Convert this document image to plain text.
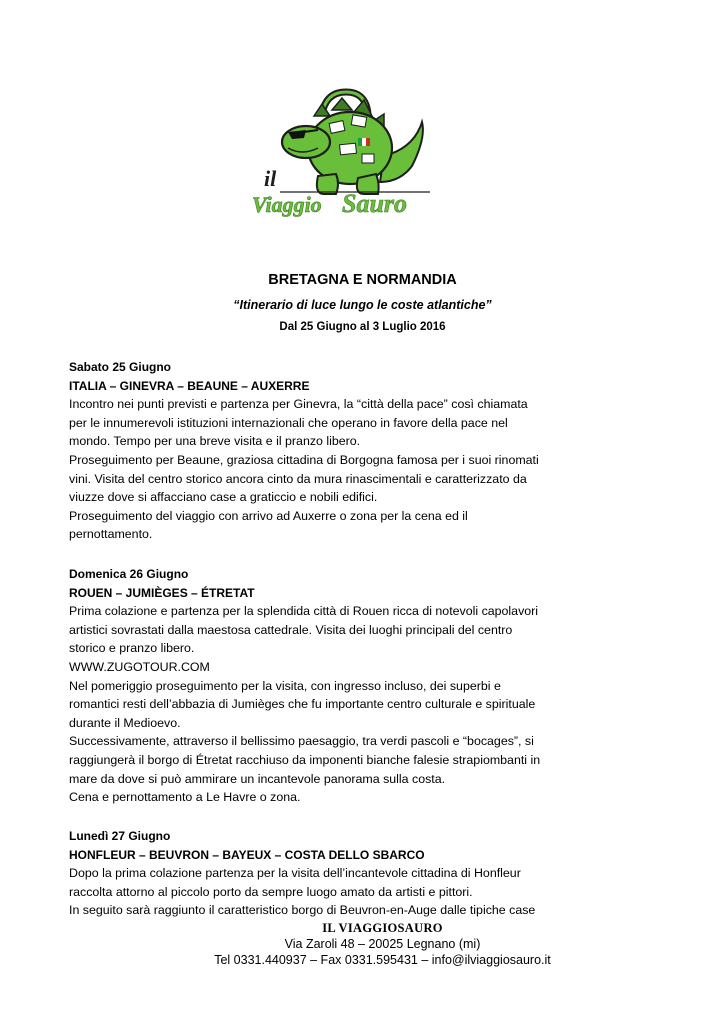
il
Viaggio Sauro
BRETAGNA E NORMANDIA
“Itinerario di luce lungo le coste atlantiche”
Dal 25 Giugno al 3 Luglio 2016
Sabato 25 Giugno
ITALIA – GINEVRA – BEAUNE – AUXERRE
Incontro nei punti previsti e partenza per Ginevra, la “città della pace” così chiamata
per le innumerevoli istituzioni internazionali che operano in favore della pace nel
mondo. Tempo per una breve visita e il pranzo libero.
Proseguimento per Beaune, graziosa cittadina di Borgogna famosa per i suoi rinomati
vini. Visita del centro storico ancora cinto da mura rinascimentali e caratterizzato da
viuzze dove si affacciano case a graticcio e nobili edifici.
Proseguimento del viaggio con arrivo ad Auxerre o zona per la cena ed il
pernottamento.
Domenica 26 Giugno
ROUEN – JUMIÈGES – ÉTRETAT
Prima colazione e partenza per la splendida città di Rouen ricca di notevoli capolavori
artistici sovrastati dalla maestosa cattedrale. Visita dei luoghi principali del centro
storico e pranzo libero.
WWW.ZUGOTOUR.COM
Nel pomeriggio proseguimento per la visita, con ingresso incluso, dei superbi e
romantici resti dell’abbazia di Jumièges che fu importante centro culturale e spirituale
durante il Medioevo.
Successivamente, attraverso il bellissimo paesaggio, tra verdi pascoli e “bocages”, si
raggiungerà il borgo di Étretat racchiuso da imponenti bianche falesie strapiombanti in
mare da dove si può ammirare un incantevole panorama sulla costa.
Cena e pernottamento a Le Havre o zona.
Lunedì 27 Giugno
HONFLEUR – BEUVRON – BAYEUX – COSTA DELLO SBARCO
Dopo la prima colazione partenza per la visita dell’incantevole cittadina di Honfleur
raccolta attorno al piccolo porto da sempre luogo amato da artisti e pittori.
In seguito sarà raggiunto il caratteristico borgo di Beuvron-en-Auge dalle tipiche case
IL VIAGGIOSAURO
Via Zaroli 48 – 20025 Legnano (mi)
Tel 0331.440937 – Fax 0331.595431 – info@ilviaggiosauro.it
